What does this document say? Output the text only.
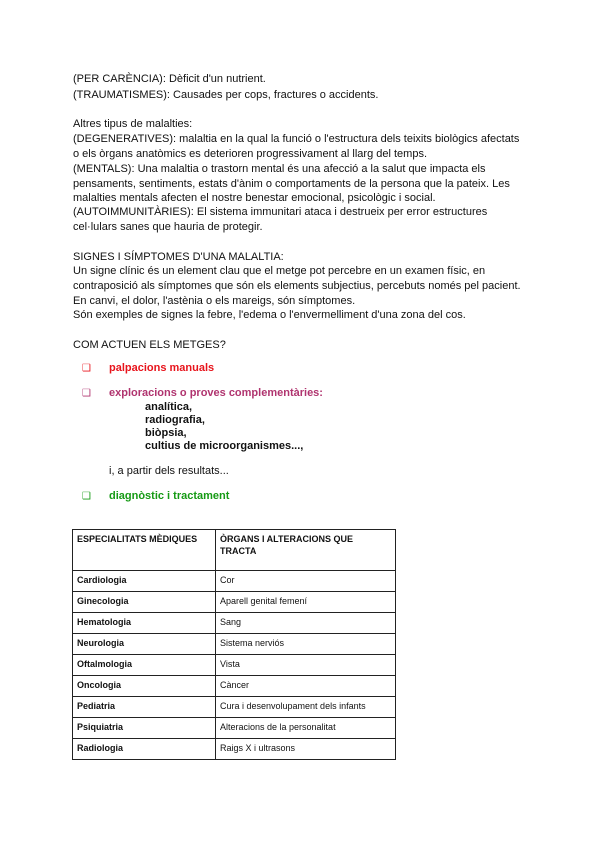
(PER CARÈNCIA): Dèficit d'un nutrient.
(TRAUMATISMES): Causades per cops, fractures o accidents.
Altres tipus de malalties:
(DEGENERATIVES): malaltia en la qual la funció o l'estructura dels teixits biològics afectats
o els òrgans anatòmics es deterioren progressivament al llarg del temps.
(MENTALS): Una malaltia o trastorn mental és una afecció a la salut que impacta els
pensaments, sentiments, estats d'ànim o comportaments de la persona que la pateix. Les
malalties mentals afecten el nostre benestar emocional, psicològic i social.
(AUTOIMMUNITÀRIES): El sistema immunitari ataca i destrueix per error estructures
cel·lulars sanes que hauria de protegir.
SIGNES I SÍMPTOMES D'UNA MALALTIA:
Un signe clínic és un element clau que el metge pot percebre en un examen físic, en
contraposició als símptomes que són els elements subjectius, percebuts només pel pacient.
En canvi, el dolor, l'astènia o els mareigs, són símptomes.
Són exemples de signes la febre, l'edema o l'envermelliment d'una zona del cos.
COM ACTUEN ELS METGES?
❑ palpacions manuals
❑ exploracions o proves complementàries:
analítica,
radiografia,
biòpsia,
cultius de microorganismes...,
i, a partir dels resultats...
❑ diagnòstic i tractament
ESPECIALITATS MÈDIQUES	ÒRGANS I ALTERACIONS QUE TRACTA
Cardiologia	Cor
Ginecologia	Aparell genital femení
Hematologia	Sang
Neurologia	Sistema nerviós
Oftalmologia	Vista
Oncologia	Càncer
Pediatria	Cura i desenvolupament dels infants
Psiquiatria	Alteracions de la personalitat
Radiologia	Raigs X i ultrasons
